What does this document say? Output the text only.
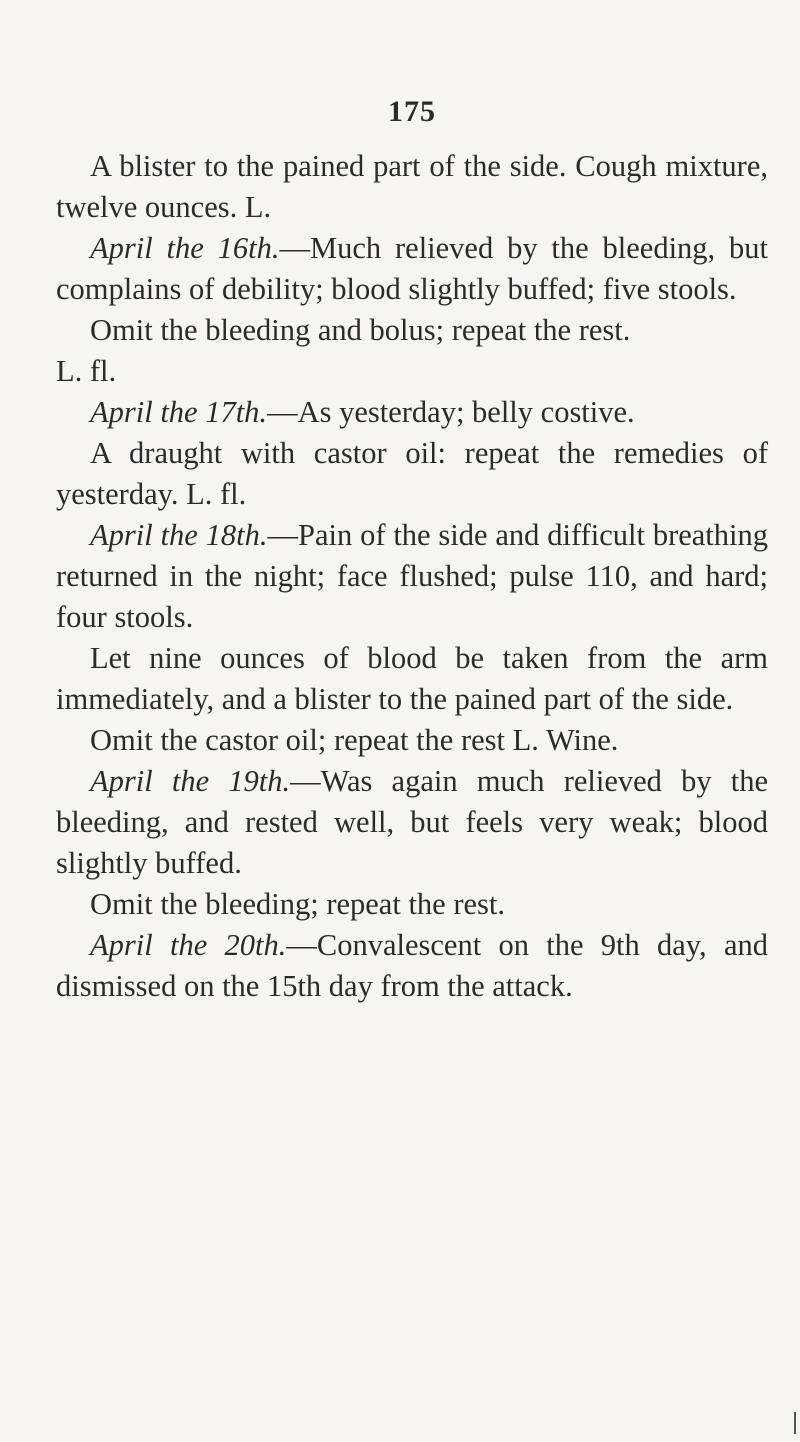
175

A blister to the pained part of the side. Cough mixture, twelve ounces. L.

April the 16th.—Much relieved by the bleeding, but complains of debility; blood slightly buffed; five stools.

Omit the bleeding and bolus; repeat the rest.

L. fl.

April the 17th.—As yesterday; belly costive.

A draught with castor oil: repeat the remedies of yesterday. L. fl.

April the 18th.—Pain of the side and difficult breathing returned in the night; face flushed; pulse 110, and hard; four stools.

Let nine ounces of blood be taken from the arm immediately, and a blister to the pained part of the side.

Omit the castor oil; repeat the rest L. Wine.

April the 19th.—Was again much relieved by the bleeding, and rested well, but feels very weak; blood slightly buffed.

Omit the bleeding; repeat the rest.

April the 20th.—Convalescent on the 9th day, and dismissed on the 15th day from the attack.
